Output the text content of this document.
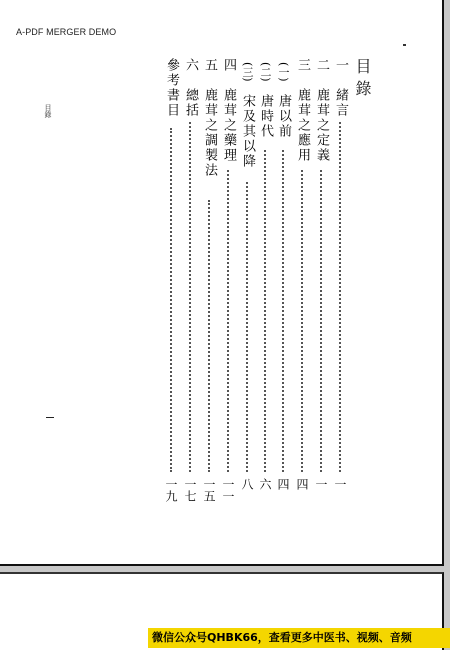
A-PDF MERGER DEMO
目錄
一
緒言
一
二
鹿茸之定義
一
三
鹿茸之應用
四
(一)
唐以前
四
(二)
唐時代
六
(三)
宋及其以降
八
四
鹿茸之藥理
一一
五
鹿茸之調製法
一五
六
總括
一七
參考書目
一九
目錄
微信公众号QHBK66，查看更多中医书、视频、音频
